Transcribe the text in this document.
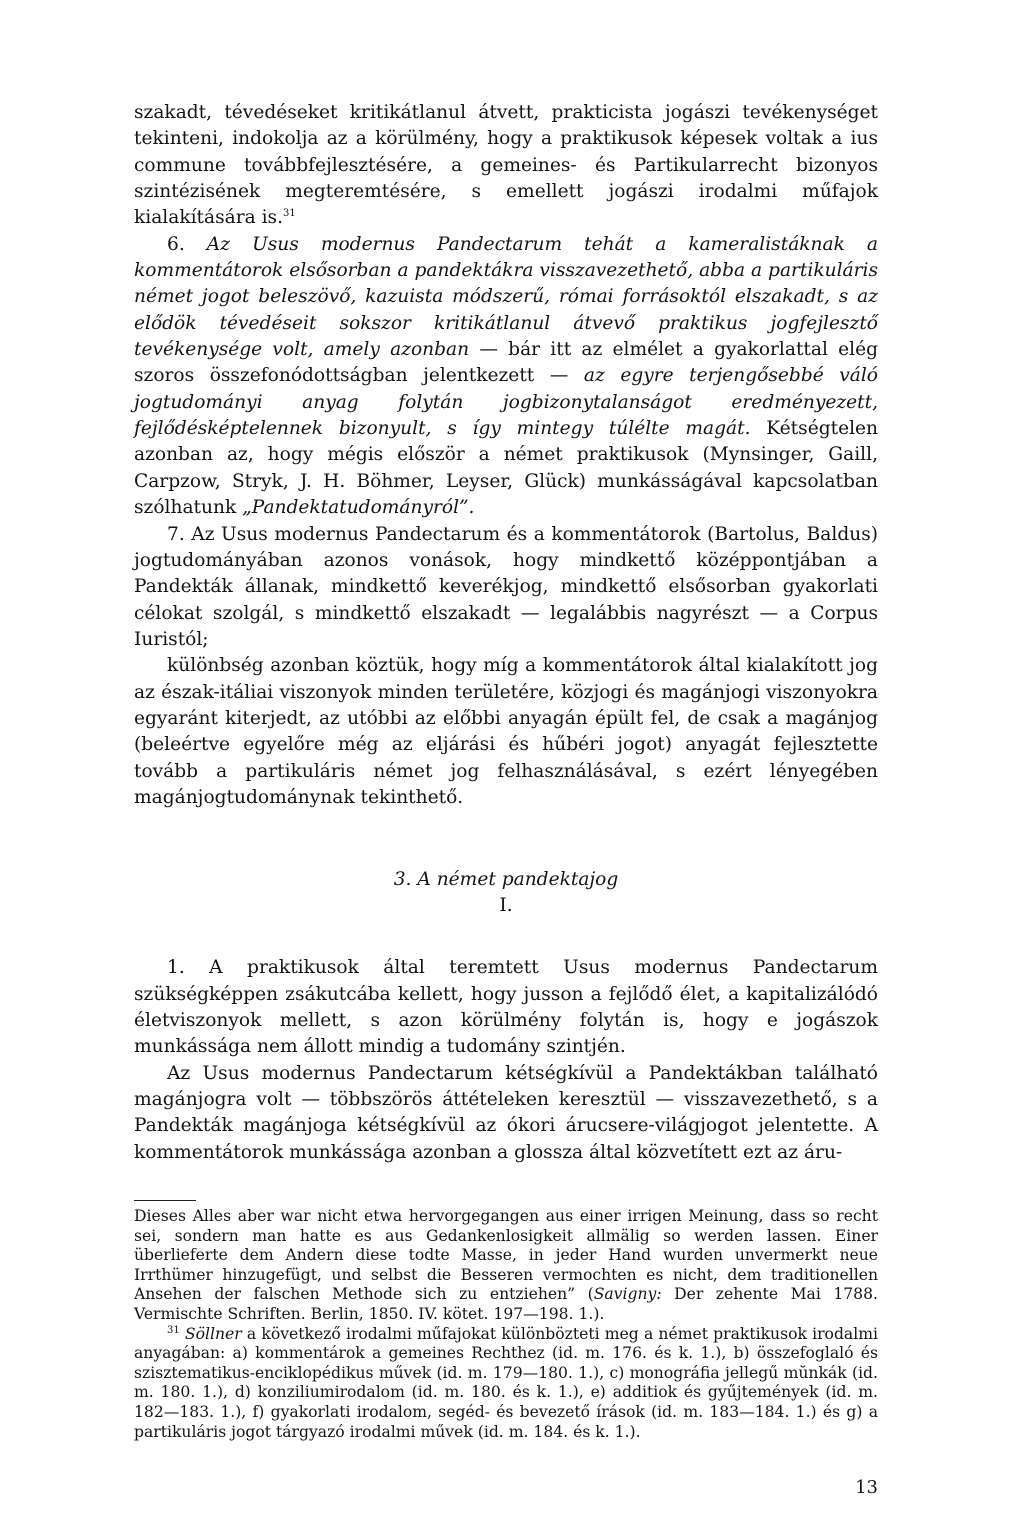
szakadt, tévedéseket kritikátlanul átvett, prakticista jogászi tevékenységet tekinteni, indokolja az a körülmény, hogy a praktikusok képesek voltak a ius commune továbbfejlesztésére, a gemeines- és Partikularrecht bizonyos szintézisének megteremtésére, s emellett jogászi irodalmi műfajok kialakítására is.$^{31}$

6. Az Usus modernus Pandectarum tehát a kameralistáknak a kommentátorok elsősorban a pandektákra visszavezethető, abba a partikuláris német jogot beleszövő, kazuista módszerű, római forrásoktól elszakadt, s az elődök tévedéseit sokszor kritikátlanul átvevő praktikus jogfejlesztő tevékenysége volt, amely azonban — bár itt az elmélet a gyakorlattal elég szoros összefonódottságban jelentkezett — az egyre terjengősebbé váló jogtudományi anyag folytán jogbizonytalanságot eredményezett, fejlődésképtelennek bizonyult, s így mintegy túlélte magát. Kétségtelen azonban az, hogy mégis először a német praktikusok (Mynsinger, Gaill, Carpzow, Stryk, J. H. Böhmer, Leyser, Glück) munkásságával kapcsolatban szólhatunk „Pandektatudományról”.

7. Az Usus modernus Pandectarum és a kommentátorok (Bartolus, Baldus) jogtudományában azonos vonások, hogy mindkettő középpontjában a Pandekták állanak, mindkettő keverékjog, mindkettő elsősorban gyakorlati célokat szolgál, s mindkettő elszakadt — legalábbis nagyrészt — a Corpus Iuristól;

különbség azonban köztük, hogy míg a kommentátorok által kialakított jog az észak-itáliai viszonyok minden területére, közjogi és magánjogi viszonyokra egyaránt kiterjedt, az utóbbi az előbbi anyagán épült fel, de csak a magánjog (beleértve egyelőre még az eljárási és hűbéri jogot) anyagát fejlesztette tovább a partikuláris német jog felhasználásával, s ezért lényegében magánjogtudománynak tekinthető.

3. A német pandektajog
I.

1. A praktikusok által teremtett Usus modernus Pandectarum szükségképpen zsákutcába kellett, hogy jusson a fejlődő élet, a kapitalizálódó életviszonyok mellett, s azon körülmény folytán is, hogy e jogászok munkássága nem állott mindig a tudomány szintjén.

Az Usus modernus Pandectarum kétségkívül a Pandektákban található magánjogra volt — többszörös áttételeken keresztül — visszavezethető, s a Pandekták magánjoga kétségkívül az ókori árucsere-világjogot jelentette. A kommentátorok munkássága azonban a glossza által közvetített ezt az áru-

Dieses Alles aber war nicht etwa hervorgegangen aus einer irrigen Meinung, dass so recht sei, sondern man hatte es aus Gedankenlosigkeit allmälig so werden lassen. Einer überlieferte dem Andern diese todte Masse, in jeder Hand wurden unvermerkt neue Irrthümer hinzugefügt, und selbst die Besseren vermochten es nicht, dem traditionellen Ansehen der falschen Methode sich zu entziehen” (Savigny: Der zehente Mai 1788. Vermischte Schriften. Berlin, 1850. IV. kötet. 197—198. 1.).

$^{31}$ Söllner a következő irodalmi műfajokat különbözteti meg a német praktikusok irodalmi anyagában: a) kommentárok a gemeines Rechthez (id. m. 176. és k. 1.), b) összefoglaló és szisztematikus-enciklopédikus művek (id. m. 179—180. 1.), c) monográfia jellegű mŭnkák (id. m. 180. 1.), d) konziliumirodalom (id. m. 180. és k. 1.), e) additiok és gyűjtemények (id. m. 182—183. 1.), f) gyakorlati irodalom, segéd- és bevezető írások (id. m. 183—184. 1.) és g) a partikuláris jogot tárgyazó irodalmi művek (id. m. 184. és k. 1.).

13
